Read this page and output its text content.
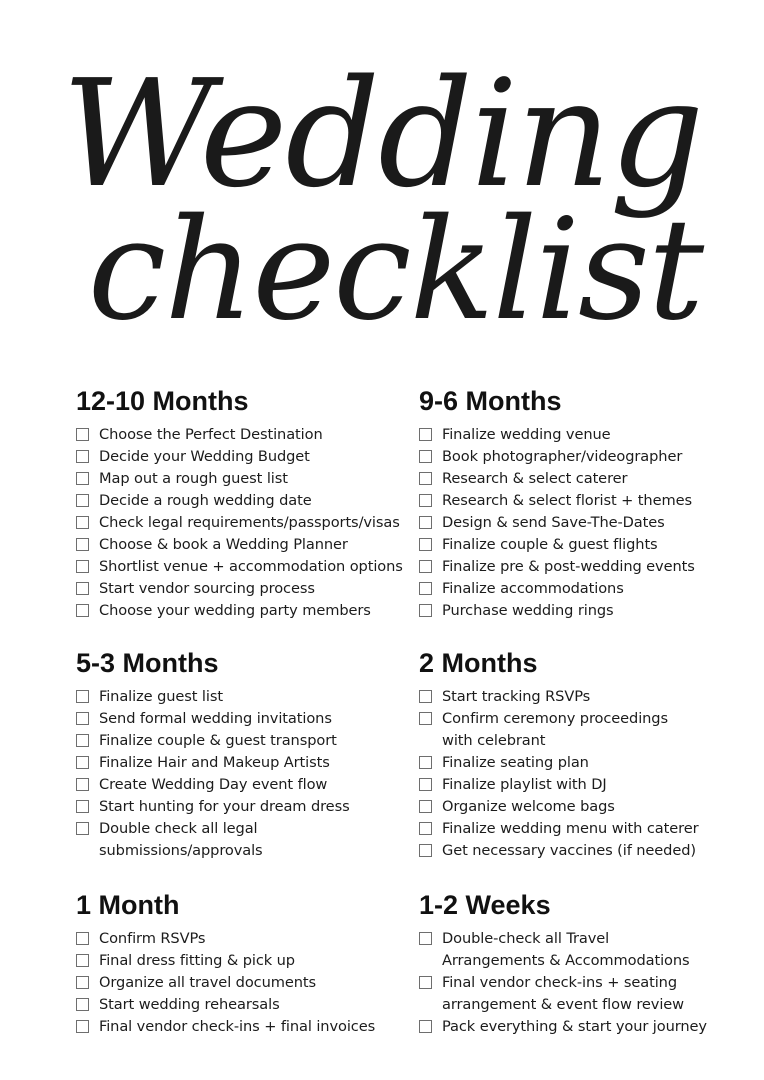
Wedding
checklist
12-10 Months
Choose the Perfect Destination
Decide your Wedding Budget
Map out a rough guest list
Decide a rough wedding date
Check legal requirements/passports/visas
Choose & book a Wedding Planner
Shortlist venue + accommodation options
Start vendor sourcing process
Choose your wedding party members
9-6 Months
Finalize wedding venue
Book photographer/videographer
Research & select caterer
Research & select florist + themes
Design & send Save-The-Dates
Finalize couple & guest flights
Finalize pre & post-wedding events
Finalize accommodations
Purchase wedding rings
5-3 Months
Finalize guest list
Send formal wedding invitations
Finalize couple & guest transport
Finalize Hair and Makeup Artists
Create Wedding Day event flow
Start hunting for your dream dress
Double check all legal submissions/approvals
2 Months
Start tracking RSVPs
Confirm ceremony proceedings with celebrant
Finalize seating plan
Finalize playlist with DJ
Organize welcome bags
Finalize wedding menu with caterer
Get necessary vaccines (if needed)
1 Month
Confirm RSVPs
Final dress fitting & pick up
Organize all travel documents
Start wedding rehearsals
Final vendor check-ins + final invoices
1-2 Weeks
Double-check all Travel Arrangements & Accommodations
Final vendor check-ins + seating arrangement & event flow review
Pack everything & start your journey
